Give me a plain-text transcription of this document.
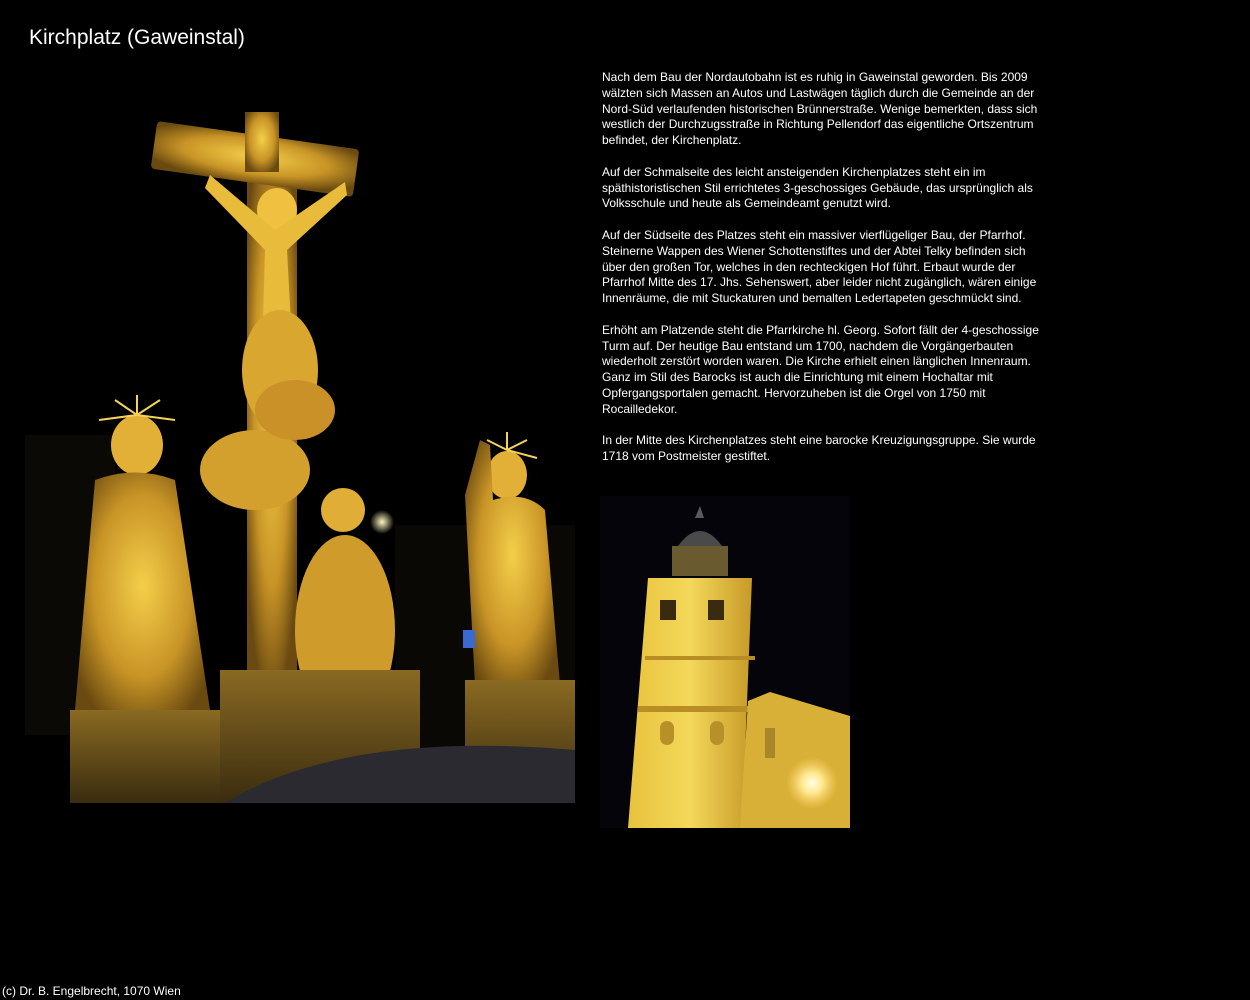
Kirchplatz (Gaweinstal)

Nach dem Bau der Nordautobahn ist es ruhig in Gaweinstal geworden. Bis 2009 wälzten sich Massen an Autos und Lastwägen täglich durch die Gemeinde an der Nord-Süd verlaufenden historischen Brünnerstraße. Wenige bemerkten, dass sich westlich der Durchzugsstraße in Richtung Pellendorf das eigentliche Ortszentrum befindet, der Kirchenplatz.

Auf der Schmalseite des leicht ansteigenden Kirchenplatzes steht ein im späthistoristischen Stil errichtetes 3-geschossiges Gebäude, das ursprünglich als Volksschule und heute als Gemeindeamt genutzt wird.

Auf der Südseite des Platzes steht ein massiver vierflügeliger Bau, der Pfarrhof. Steinerne Wappen des Wiener Schottenstiftes und der Abtei Telky befinden sich über den großen Tor, welches in den rechteckigen Hof führt. Erbaut wurde der Pfarrhof Mitte des 17. Jhs. Sehenswert, aber leider nicht zugänglich, wären einige Innenräume, die mit Stuckaturen und bemalten Ledertapeten geschmückt sind.

Erhöht am Platzende steht die Pfarrkirche hl. Georg. Sofort fällt der 4-geschossige Turm auf. Der heutige Bau entstand um 1700, nachdem die Vorgängerbauten wiederholt zerstört worden waren. Die Kirche erhielt einen länglichen Innenraum. Ganz im Stil des Barocks ist auch die Einrichtung mit einem Hochaltar mit Opfergangsportalen gemacht. Hervorzuheben ist die Orgel von 1750 mit Rocailledekor.

In der Mitte des Kirchenplatzes steht eine barocke Kreuzigungsgruppe. Sie wurde 1718 vom Postmeister gestiftet.

(c) Dr. B. Engelbrecht, 1070 Wien
